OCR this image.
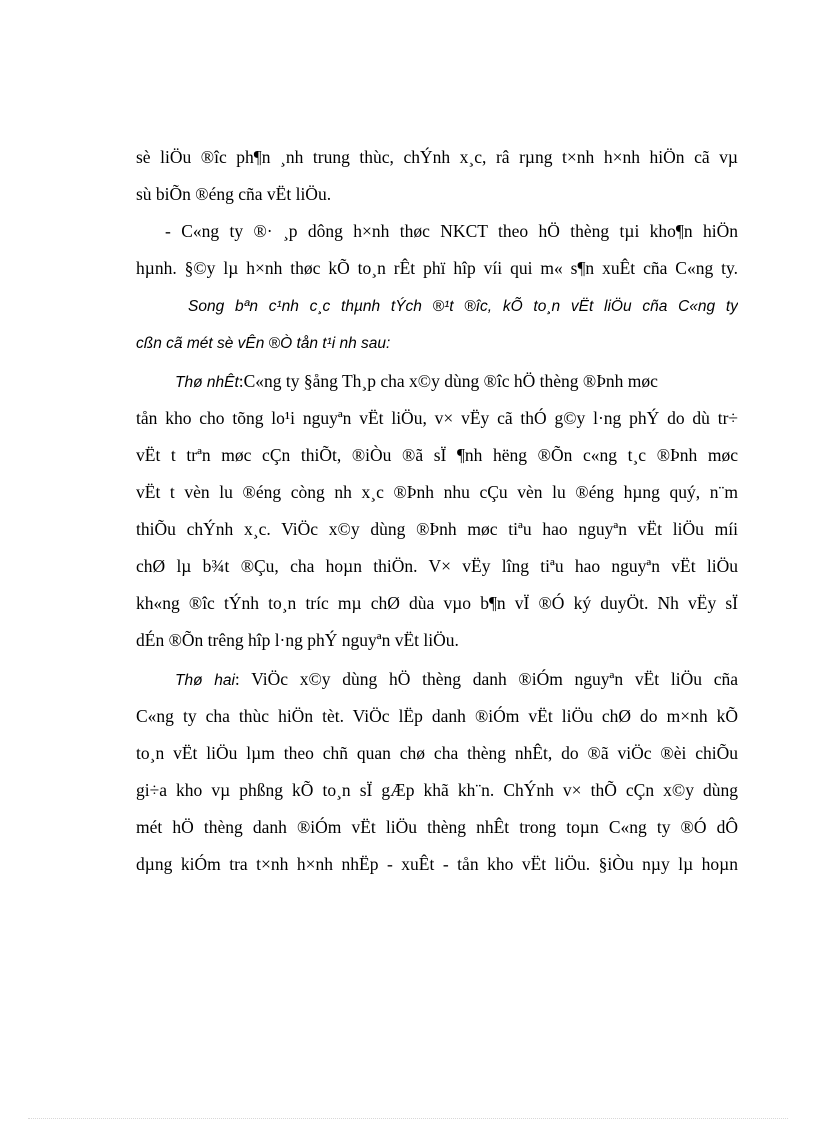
sè liÖu ®îc ph¶n ¸nh trung thùc, chÝnh x¸c, râ rµng t×nh h×nh hiÖn cã vµ
sù biÕn ®éng cña vËt liÖu.
- C«ng ty ®· ¸p dông h×nh thøc NKCT theo hÖ thèng tµi kho¶n hiÖn
hµnh. §©y lµ h×nh thøc kÕ to¸n rÊt phï hîp víi qui m« s¶n xuÊt cña C«ng ty.
Song bªn c¹nh c¸c thµnh tÝch ®¹t ®îc, kÕ to¸n vËt liÖu cña C«ng ty
cßn cã mét sè vÊn ®Ò tån t¹i nh sau:
Thø nhÊt:C«ng ty §ång Th¸p cha x©y dùng ®îc hÖ thèng ®Þnh møc
tån kho cho tõng lo¹i nguyªn vËt liÖu, v× vËy cã thÓ g©y l·ng phÝ do dù tr÷
vËt t trªn møc cÇn thiÕt, ®iÒu ®ã sÏ ¶nh hëng ®Õn c«ng t¸c ®Þnh møc
vËt t vèn lu ®éng còng nh x¸c ®Þnh nhu cÇu vèn lu ®éng hµng quý, n¨m
thiÕu chÝnh x¸c. ViÖc x©y dùng ®Þnh møc tiªu hao nguyªn vËt liÖu míi
chØ lµ b¾t ®Çu, cha hoµn thiÖn. V× vËy lîng tiªu hao nguyªn vËt liÖu
kh«ng ®îc tÝnh to¸n tríc mµ chØ dùa vµo b¶n vÏ ®Ó ký duyÖt. Nh vËy sÏ
dÉn ®Õn trêng hîp l·ng phÝ nguyªn vËt liÖu.
Thø hai: ViÖc x©y dùng hÖ thèng danh ®iÓm nguyªn vËt liÖu cña
C«ng ty cha thùc hiÖn tèt. ViÖc lËp danh ®iÓm vËt liÖu chØ do m×nh kÕ
to¸n vËt liÖu lµm theo chñ quan chø cha thèng nhÊt, do ®ã viÖc ®èi chiÕu
gi÷a kho vµ phßng kÕ to¸n sÏ gÆp khã kh¨n. ChÝnh v× thÕ cÇn x©y dùng
mét hÖ thèng danh ®iÓm vËt liÖu thèng nhÊt trong toµn C«ng ty ®Ó dÔ
dµng kiÓm tra t×nh h×nh nhËp - xuÊt - tån kho vËt liÖu. §iÒu nµy lµ hoµn
